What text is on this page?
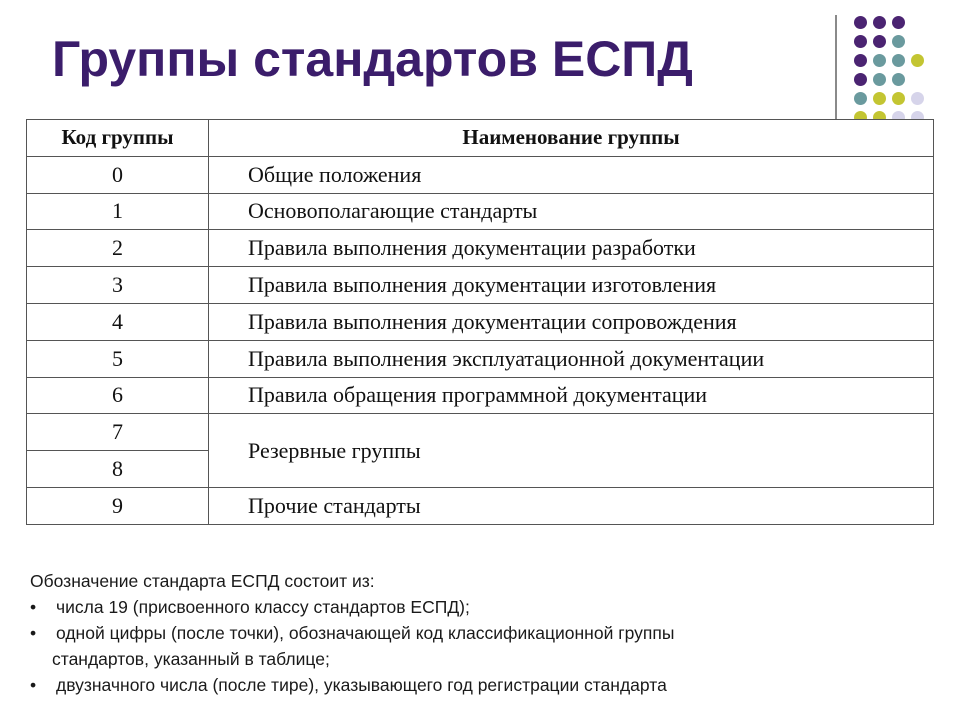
Группы стандартов ЕСПД
Код группы	Наименование группы
0	Общие положения
1	Основополагающие стандарты
2	Правила выполнения документации разработки
3	Правила выполнения документации изготовления
4	Правила выполнения документации сопровождения
5	Правила выполнения эксплуатационной документации
6	Правила обращения программной документации
7	Резервные группы
8	
9	Прочие стандарты
Обозначение стандарта ЕСПД состоит из:
• числа 19 (присвоенного классу стандартов ЕСПД);
• одной цифры (после точки), обозначающей код классификационной группы
стандартов, указанный в таблице;
• двузначного числа (после тире), указывающего год регистрации стандарта
